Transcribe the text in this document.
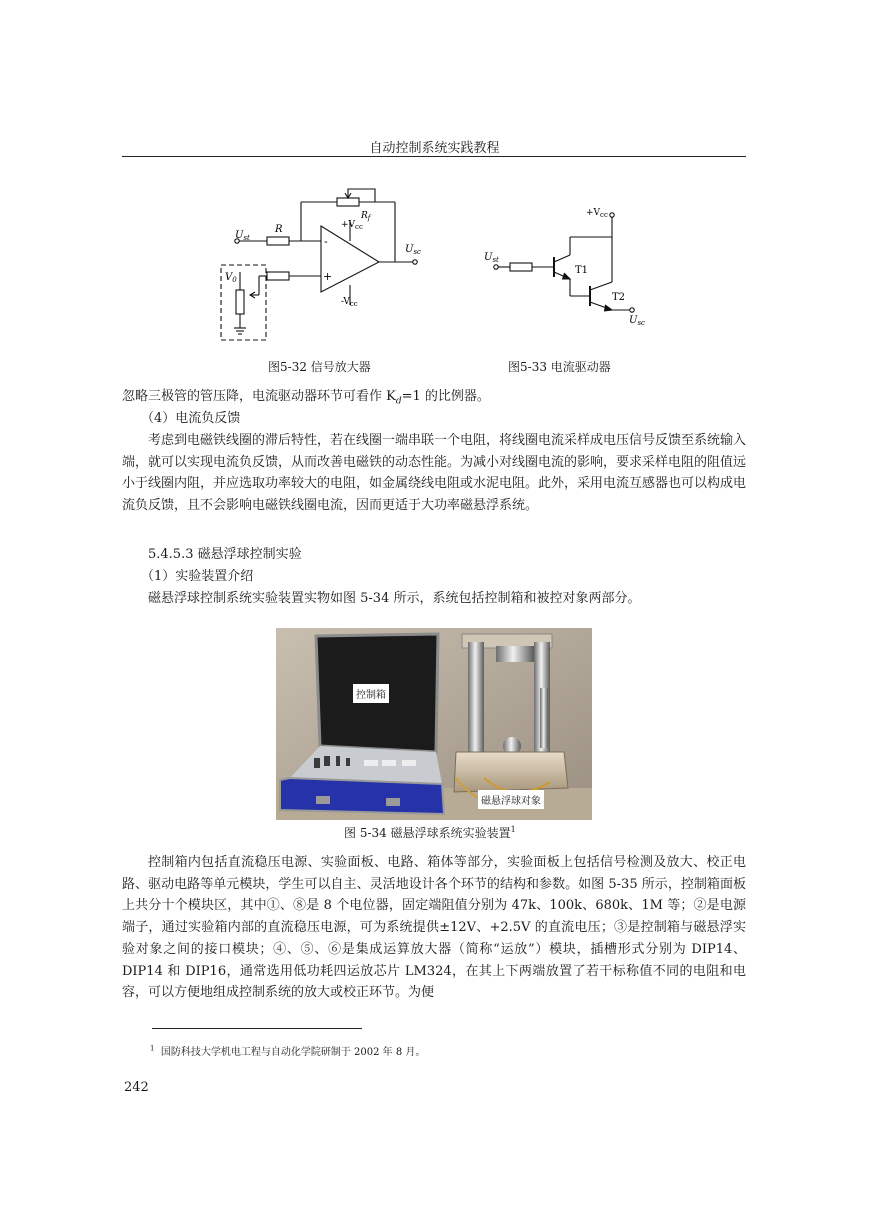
自动控制系统实践教程
$R_f$
R	$+V_{cc}$
$-V_{cc}$
$U_{st}$
$U_{sc}$
$V_0$
-
+
图5-32 信号放大器
$+V_{cc}$
$U_{st}$
T1
T2
$U_{sc}$
图5-33 电流驱动器
忽略三极管的管压降，电流驱动器环节可看作 $K_d=1$ 的比例器。
（4）电流负反馈
考虑到电磁铁线圈的滞后特性，若在线圈一端串联一个电阻，将线圈电流采样成电压信号反馈至系统输入端，就可以实现电流负反馈，从而改善电磁铁的动态性能。为减小对线圈电流的影响，要求采样电阻的阻值远小于线圈内阻，并应选取功率较大的电阻，如金属绕线电阻或水泥电阻。此外，采用电流互感器也可以构成电流负反馈，且不会影响电磁铁线圈电流，因而更适于大功率磁悬浮系统。
5.4.5.3 磁悬浮球控制实验
（1）实验装置介绍
磁悬浮球控制系统实验装置实物如图 5-34 所示，系统包括控制箱和被控对象两部分。
控制箱
磁悬浮球对象
图 5-34 磁悬浮球系统实验装置$^1$
控制箱内包括直流稳压电源、实验面板、电路、箱体等部分，实验面板上包括信号检测及放大、校正电路、驱动电路等单元模块，学生可以自主、灵活地设计各个环节的结构和参数。如图 5-35 所示，控制箱面板上共分十个模块区，其中①、⑧是 8 个电位器，固定端阻值分别为 47k、100k、680k、1M 等；②是电源端子，通过实验箱内部的直流稳压电源，可为系统提供±12V、+2.5V 的直流电压；③是控制箱与磁悬浮实验对象之间的接口模块；④、⑤、⑥是集成运算放大器（简称“运放”）模块，插槽形式分别为 DIP14、DIP14 和 DIP16，通常选用低功耗四运放芯片 LM324，在其上下两端放置了若干标称值不同的电阻和电容，可以方便地组成控制系统的放大或校正环节。为便
$^1$ 国防科技大学机电工程与自动化学院研制于 2002 年 8 月。
242
